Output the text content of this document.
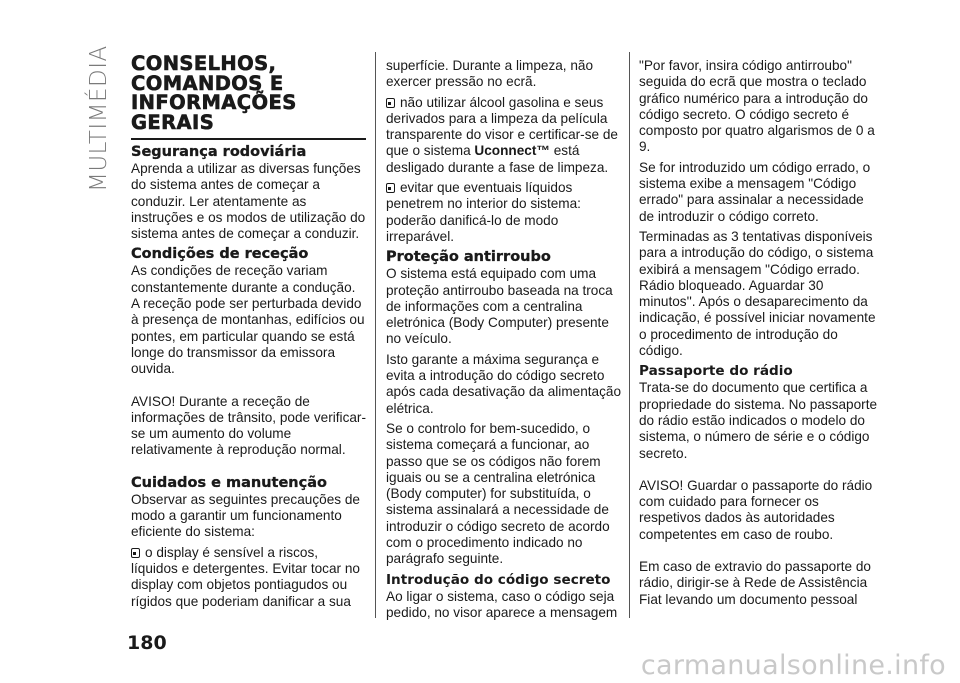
MULTIMÉDIA CONSELHOS, COMANDOS E INFORMAÇÕES GERAIS
Segurança rodoviária

Aprenda a utilizar as diversas funções do sistema antes de começar a conduzir. Ler atentamente as instruções e os modos de utilização do sistema antes de começar a conduzir.

Condições de receção

As condições de receção variam constantemente durante a condução. A receção pode ser perturbada devido à presença de montanhas, edifícios ou pontes, em particular quando se está longe do transmissor da emissora ouvida.

AVISO! Durante a receção de informações de trânsito, pode verificar-se um aumento do volume relativamente à reprodução normal.

Cuidados e manutenção

Observar as seguintes precauções de modo a garantir um funcionamento eficiente do sistema:

o display é sensível a riscos, líquidos e detergentes. Evitar tocar no display com objetos pontiagudos ou rígidos que poderiam danificar a sua

superfície. Durante a limpeza, não exercer pressão no ecrã.

não utilizar álcool gasolina e seus derivados para a limpeza da película transparente do visor e certificar-se de que o sistema Uconnect™ está desligado durante a fase de limpeza.

evitar que eventuais líquidos penetrem no interior do sistema: poderão danificá-lo de modo irreparável.

Proteção antirroubo

O sistema está equipado com uma proteção antirroubo baseada na troca de informações com a centralina eletrónica (Body Computer) presente no veículo.

Isto garante a máxima segurança e evita a introdução do código secreto após cada desativação da alimentação elétrica.

Se o controlo for bem-sucedido, o sistema começará a funcionar, ao passo que se os códigos não forem iguais ou se a centralina eletrónica (Body computer) for substituída, o sistema assinalará a necessidade de introduzir o código secreto de acordo com o procedimento indicado no parágrafo seguinte.

Introdução do código secreto

Ao ligar o sistema, caso o código seja pedido, no visor aparece a mensagem

"Por favor, insira código antirroubo" seguida do ecrã que mostra o teclado gráfico numérico para a introdução do código secreto. O código secreto é composto por quatro algarismos de 0 a 9.

Se for introduzido um código errado, o sistema exibe a mensagem "Código errado" para assinalar a necessidade de introduzir o código correto.

Terminadas as 3 tentativas disponíveis para a introdução do código, o sistema exibirá a mensagem "Código errado. Rádio bloqueado. Aguardar 30 minutos''. Após o desaparecimento da indicação, é possível iniciar novamente o procedimento de introdução do código.

Passaporte do rádio

Trata-se do documento que certifica a propriedade do sistema. No passaporte do rádio estão indicados o modelo do sistema, o número de série e o código secreto.

AVISO! Guardar o passaporte do rádio com cuidado para fornecer os respetivos dados às autoridades competentes em caso de roubo.

Em caso de extravio do passaporte do rádio, dirigir-se à Rede de Assistência Fiat levando um documento pessoal

180
carmanualsonline.info
